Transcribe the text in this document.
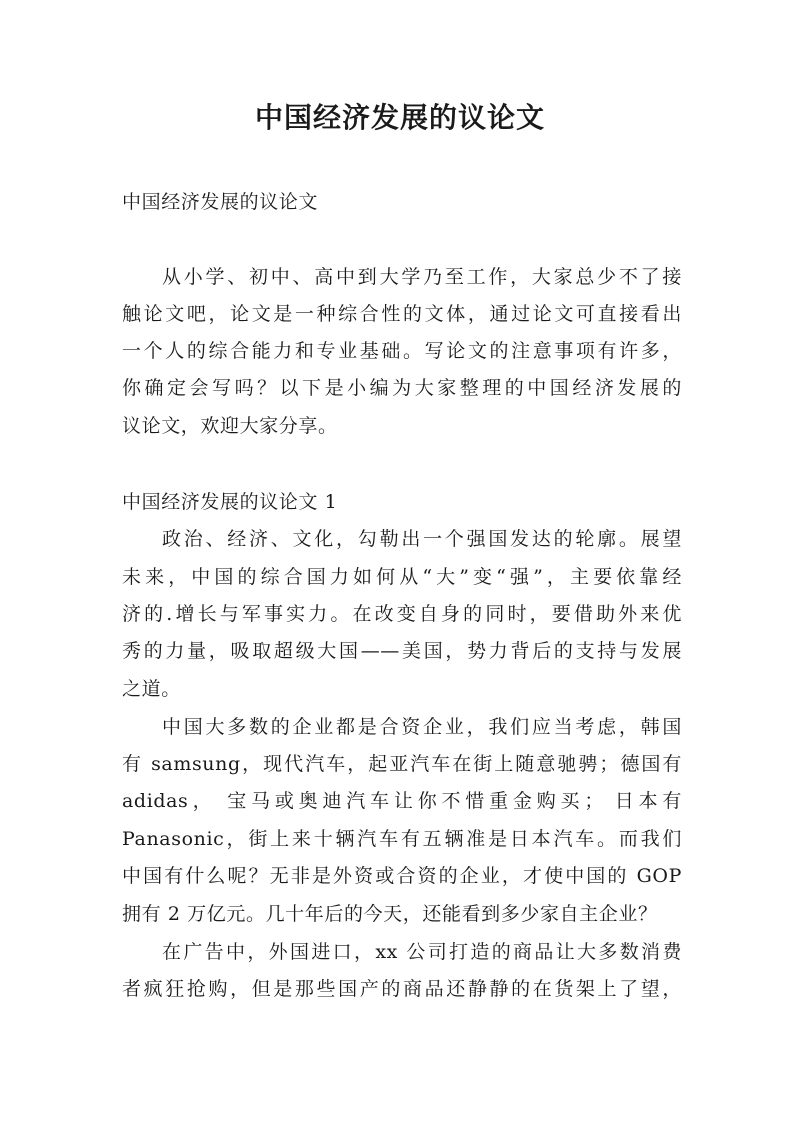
中国经济发展的议论文
中国经济发展的议论文
从小学、初中、高中到大学乃至工作，大家总少不了接
触论文吧，论文是一种综合性的文体，通过论文可直接看出
一个人的综合能力和专业基础。写论文的注意事项有许多，
你确定会写吗？以下是小编为大家整理的中国经济发展的
议论文，欢迎大家分享。
中国经济发展的议论文 1
政治、经济、文化，勾勒出一个强国发达的轮廓。展望
未来，中国的综合国力如何从“大”变“强”，主要依靠经
济的.增长与军事实力。在改变自身的同时，要借助外来优
秀的力量，吸取超级大国——美国，势力背后的支持与发展
之道。
中国大多数的企业都是合资企业，我们应当考虑，韩国
有 samsung，现代汽车，起亚汽车在街上随意驰骋；德国有
adidas， 宝马或奥迪汽车让你不惜重金购买； 日本有
Panasonic，街上来十辆汽车有五辆准是日本汽车。而我们
中国有什么呢？无非是外资或合资的企业，才使中国的 GOP
拥有 2 万亿元。几十年后的今天，还能看到多少家自主企业？
在广告中，外国进口，xx 公司打造的商品让大多数消费
者疯狂抢购，但是那些国产的商品还静静的在货架上了望，
